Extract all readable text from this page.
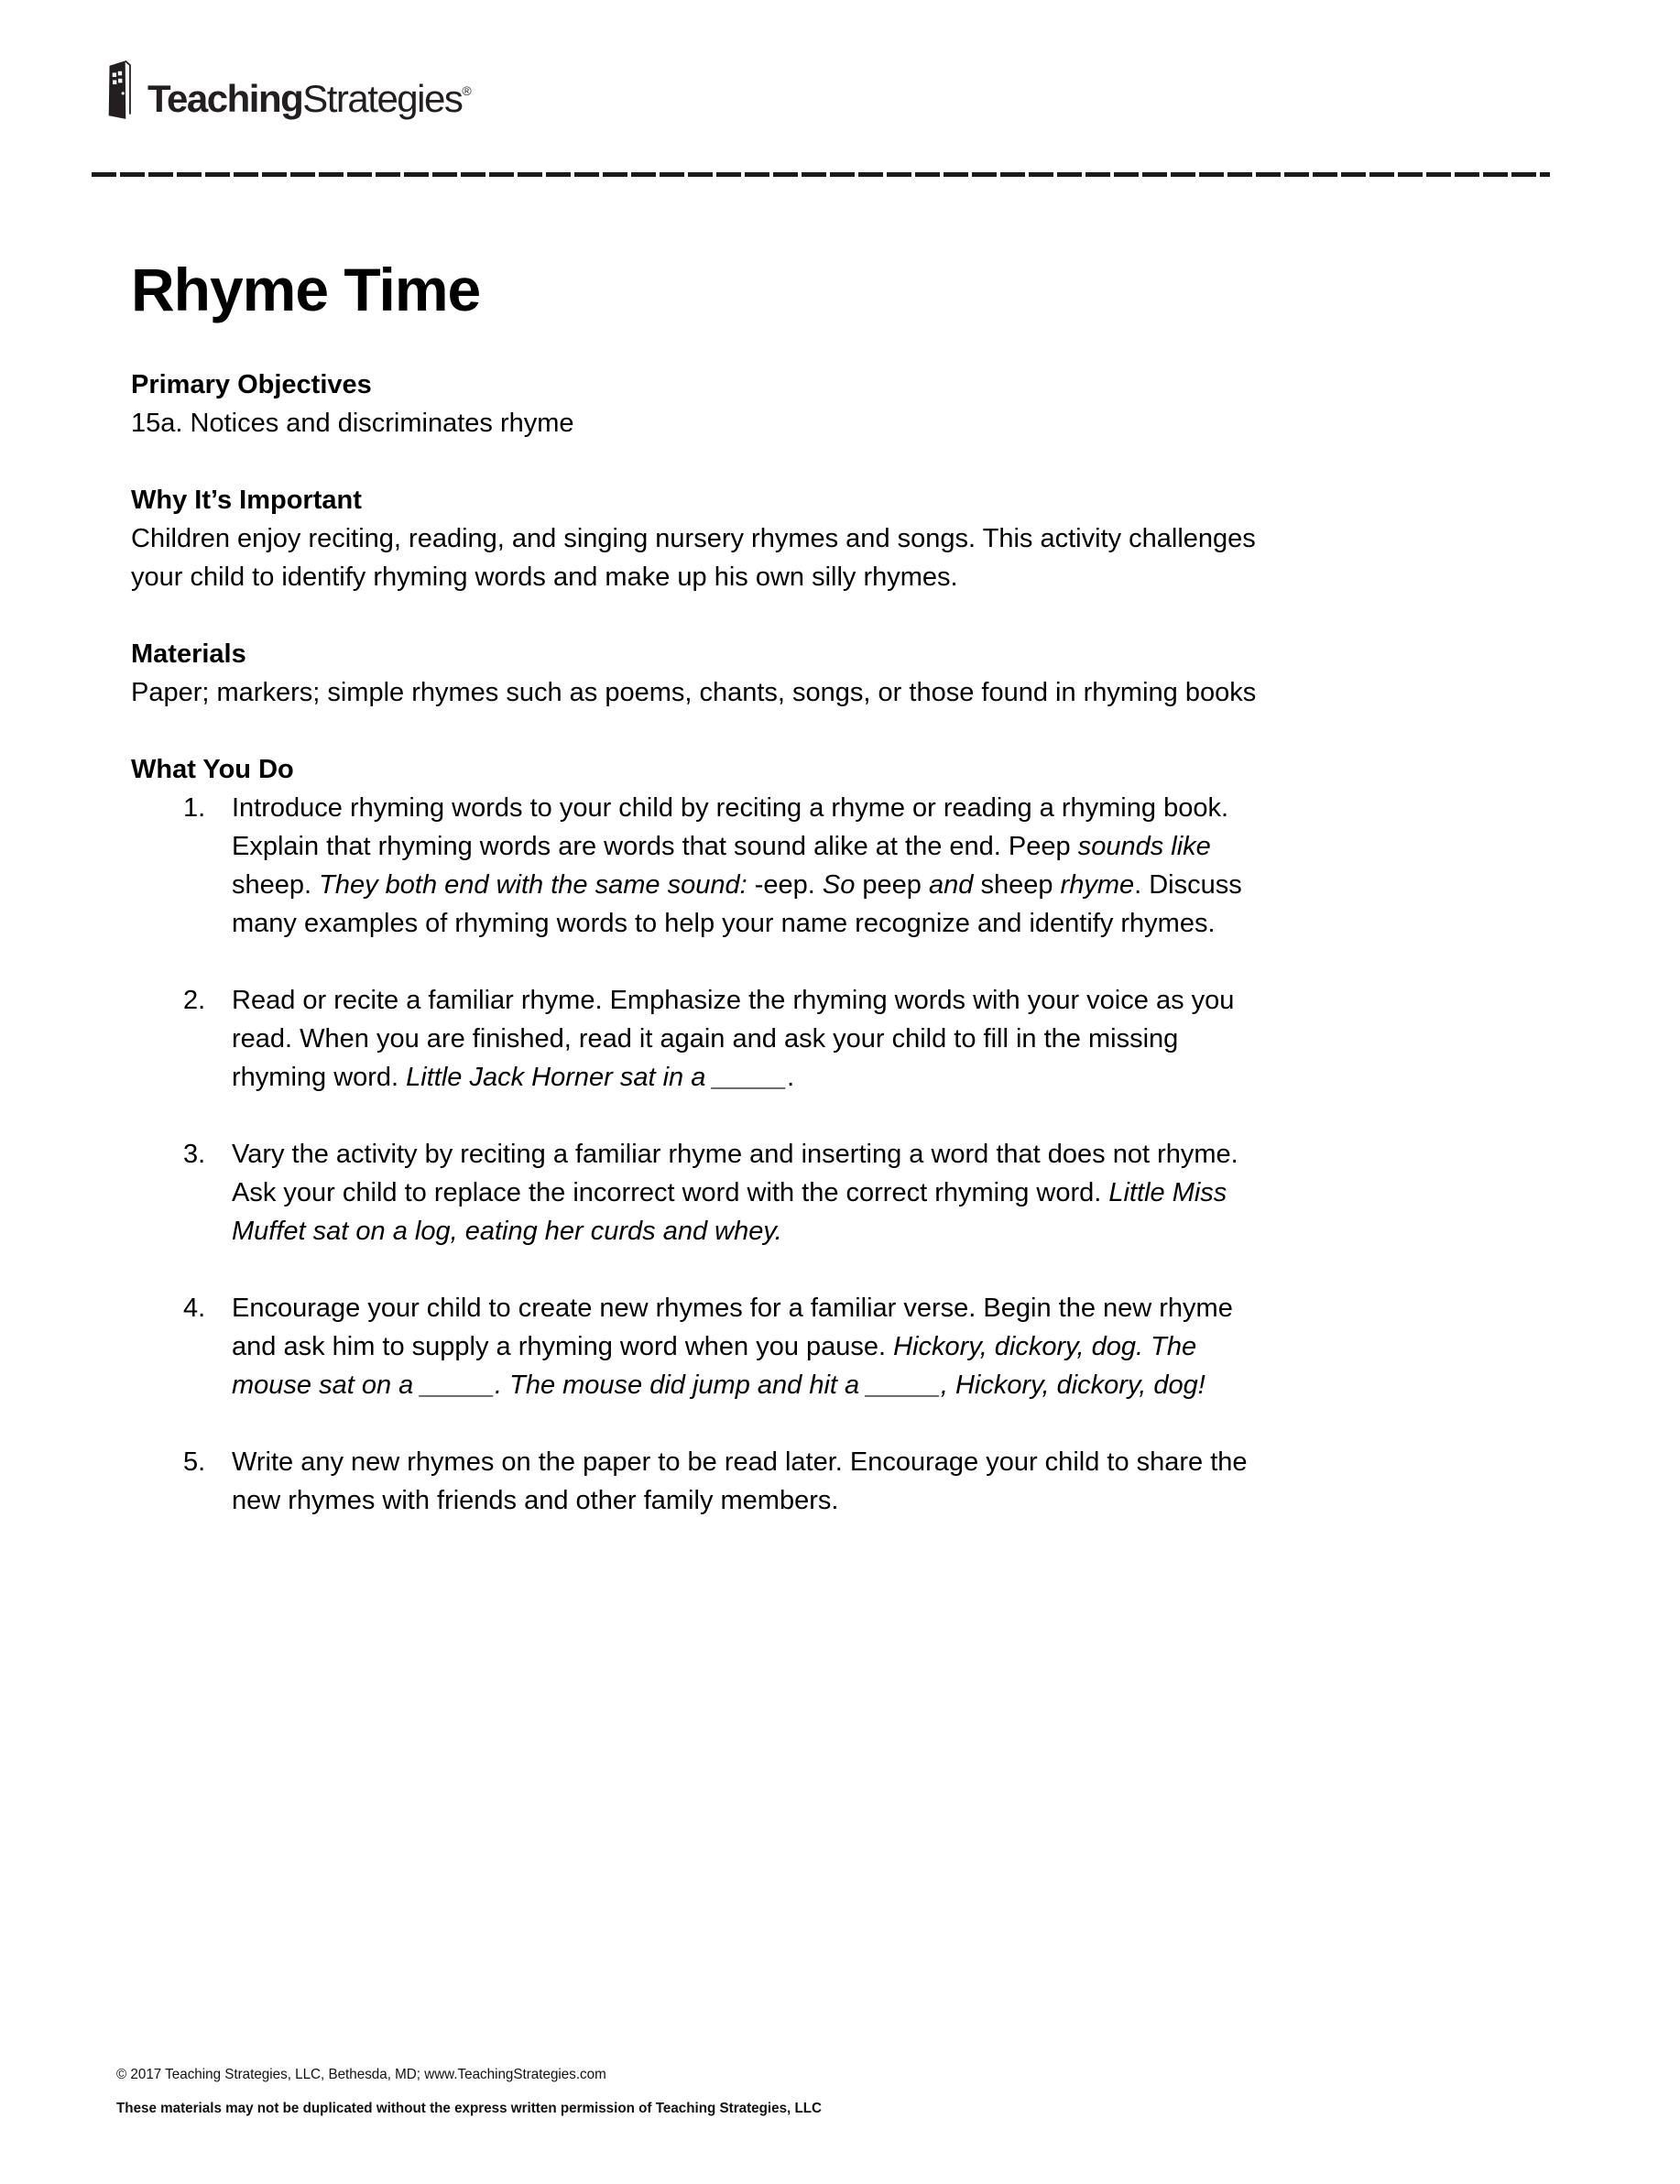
TeachingStrategies®
Rhyme Time
Primary Objectives

15a. Notices and discriminates rhyme

Why It’s Important

Children enjoy reciting, reading, and singing nursery rhymes and songs. This activity challenges
your child to identify rhyming words and make up his own silly rhymes.

Materials

Paper; markers; simple rhymes such as poems, chants, songs, or those found in rhyming books

What You Do
1. Introduce rhyming words to your child by reciting a rhyme or reading a rhyming book.
Explain that rhyming words are words that sound alike at the end. Peep sounds like
sheep. They both end with the same sound: -eep. So peep and sheep rhyme. Discuss
many examples of rhyming words to help your name recognize and identify rhymes.
2. Read or recite a familiar rhyme. Emphasize the rhyming words with your voice as you
read. When you are finished, read it again and ask your child to fill in the missing
rhyming word. Little Jack Horner sat in a _____.
3. Vary the activity by reciting a familiar rhyme and inserting a word that does not rhyme.
Ask your child to replace the incorrect word with the correct rhyming word. Little Miss
Muffet sat on a log, eating her curds and whey.
4. Encourage your child to create new rhymes for a familiar verse. Begin the new rhyme
and ask him to supply a rhyming word when you pause. Hickory, dickory, dog. The
mouse sat on a _____. The mouse did jump and hit a _____, Hickory, dickory, dog!
5. Write any new rhymes on the paper to be read later. Encourage your child to share the
new rhymes with friends and other family members.

© 2017 Teaching Strategies, LLC, Bethesda, MD; www.TeachingStrategies.com

These materials may not be duplicated without the express written permission of Teaching Strategies, LLC
